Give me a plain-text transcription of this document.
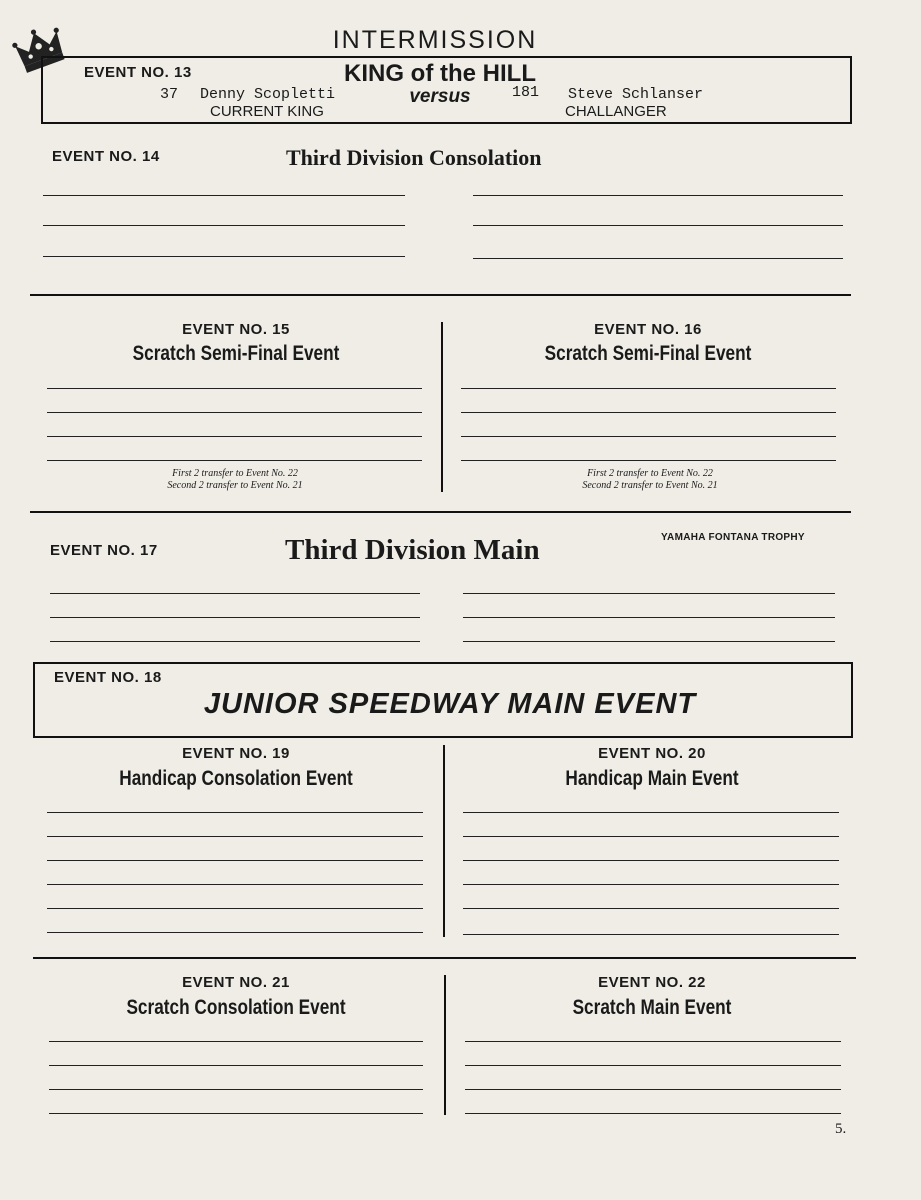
INTERMISSION
EVENT NO. 13	KING of the HILL
versus
37 Denny Scopletti
CURRENT KING
181 Steve Schlanser
CHALLANGER
EVENT NO. 14	Third Division Consolation
EVENT NO. 15
Scratch Semi-Final Event
First 2 transfer to Event No. 22
Second 2 transfer to Event No. 21
EVENT NO. 16
Scratch Semi-Final Event
First 2 transfer to Event No. 22
Second 2 transfer to Event No. 21
EVENT NO. 17	Third Division Main	YAMAHA FONTANA TROPHY
EVENT NO. 18
JUNIOR SPEEDWAY MAIN EVENT
EVENT NO. 19
Handicap Consolation Event
EVENT NO. 20
Handicap Main Event
EVENT NO. 21
Scratch Consolation Event
EVENT NO. 22
Scratch Main Event
5.
